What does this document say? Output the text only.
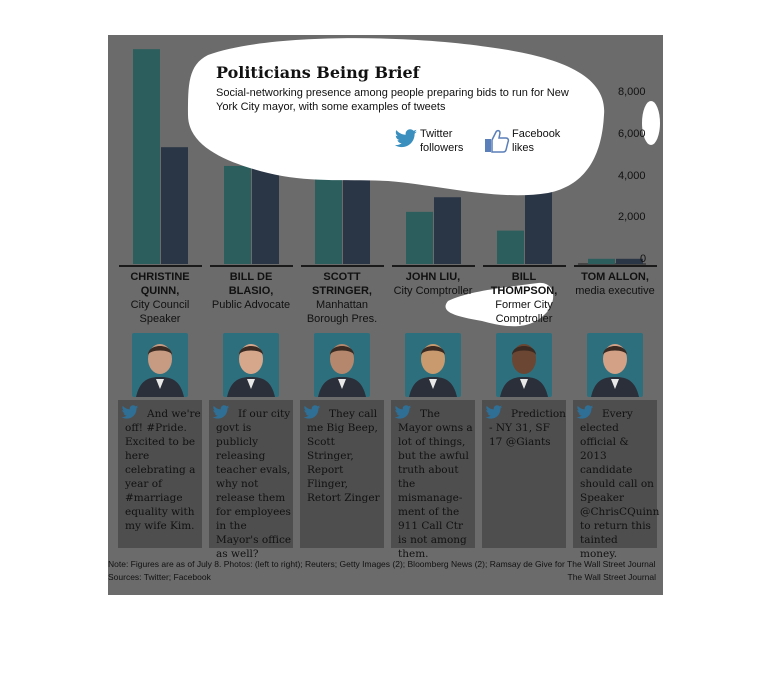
Politicians Being Brief
Social-networking presence among people preparing bids to run for New York City mayor, with some examples of tweets
Twitter followers
Facebook likes
8,000
6,000
4,000
2,000
0
CHRISTINE QUINN,
City Council Speaker
BILL DE BLASIO,
Public Advocate
SCOTT STRINGER,
Manhattan Borough Pres.
JOHN LIU,
City Comptroller
BILL THOMPSON,
Former City Comptroller
TOM ALLON,
media executive
And we're off! #Pride. Excited to be here celebrating a year of #marriage equality with my wife Kim.
If our city govt is publicly releasing teacher evals, why not release them for employees in the Mayor's office as well?
They call me Big Beep, Scott Stringer, Report Flinger, Retort Zinger
The Mayor owns a lot of things, but the awful truth about the mismanage-ment of the 911 Call Ctr is not among them.
Prediction - NY 31, SF 17 @Giants
Every elected official & 2013 candidate should call on Speaker @ChrisCQuinn to return this tainted money.
Note: Figures are as of July 8. Photos: (left to right); Reuters; Getty Images (2); Bloomberg News (2); Ramsay de Give for The Wall Street Journal
Sources: Twitter; Facebook	The Wall Street Journal
